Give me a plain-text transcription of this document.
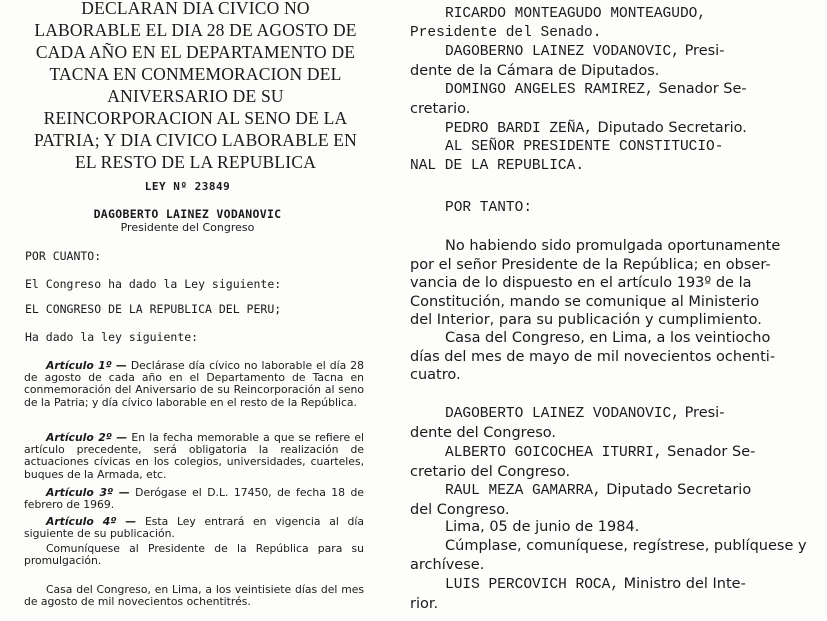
DECLARAN DIA CIVICO NO LABORABLE EL DIA 28 DE AGOSTO DE CADA AÑO EN EL DEPARTAMENTO DE TACNA EN CONMEMORACION DEL ANIVERSARIO DE SU REINCORPORACION AL SENO DE LA PATRIA; Y DIA CIVICO LABORABLE EN EL RESTO DE LA REPUBLICA
LEY Nº 23849
DAGOBERTO LAINEZ VODANOVIC
Presidente del Congreso
POR CUANTO:
El Congreso ha dado la Ley siguiente:
EL CONGRESO DE LA REPUBLICA DEL PERU;
Ha dado la ley siguiente:
Artículo 1º — Declárase día cívico no laborable el día 28 de agosto de cada año en el Departamento de Tacna en conmemoración del Aniversario de su Reincorporación al seno de la Patria; y día cívico laborable en el resto de la República.
Artículo 2º — En la fecha memorable a que se refiere el artículo precedente, será obligatoria la realización de actuaciones cívicas en los colegios, universidades, cuarteles, buques de la Armada, etc.
Artículo 3º — Derógase el D.L. 17450, de fecha 18 de febrero de 1969.
Artículo 4º — Esta Ley entrará en vigencia al día siguiente de su publicación.
Comuníquese al Presidente de la República para su promulgación.
Casa del Congreso, en Lima, a los veintisiete días del mes de agosto de mil novecientos ochentitrés.
RICARDO MONTEAGUDO MONTEAGUDO,
Presidente del Senado.
DAGOBERNO LAINEZ VODANOVIC, Presi-
dente de la Cámara de Diputados.
DOMINGO ANGELES RAMIREZ, Senador Se-
cretario.
PEDRO BARDI ZEÑA, Diputado Secretario.
AL SEÑOR PRESIDENTE CONSTITUCIO-
NAL DE LA REPUBLICA.
POR TANTO:
No habiendo sido promulgada oportunamente
por el señor Presidente de la República; en obser-
vancia de lo dispuesto en el artículo 193º de la
Constitución, mando se comunique al Ministerio
del Interior, para su publicación y cumplimiento.
Casa del Congreso, en Lima, a los veintiocho
días del mes de mayo de mil novecientos ochenti-
cuatro.
DAGOBERTO LAINEZ VODANOVIC, Presi-
dente del Congreso.
ALBERTO GOICOCHEA ITURRI, Senador Se-
cretario del Congreso.
RAUL MEZA GAMARRA, Diputado Secretario
del Congreso.
Lima, 05 de junio de 1984.
Cúmplase, comuníquese, regístrese, publíquese y
archívese.
LUIS PERCOVICH ROCA, Ministro del Inte-
rior.
